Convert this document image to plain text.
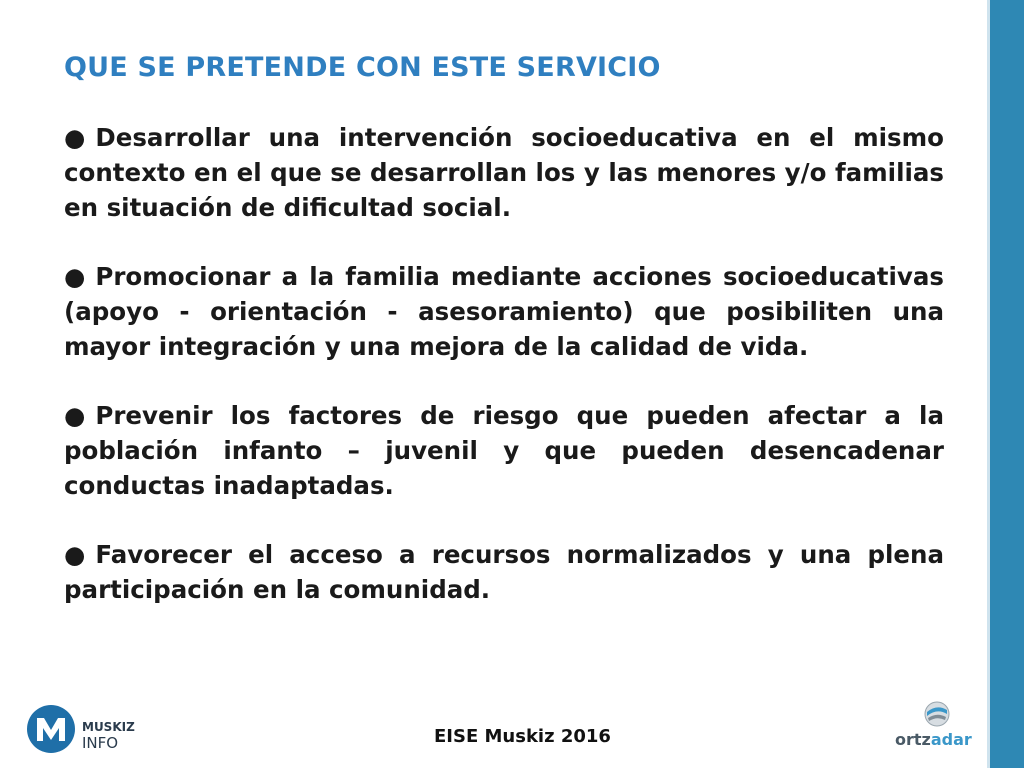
QUE SE PRETENDE CON ESTE SERVICIO

● Desarrollar una intervención socioeducativa en el mismo contexto en el que se desarrollan los y las menores y/o familias en situación de dificultad social.

● Promocionar a la familia mediante acciones socioeducativas (apoyo - orientación - asesoramiento) que posibiliten una mayor integración y una mejora de la calidad de vida.

● Prevenir los factores de riesgo que pueden afectar a la población infanto – juvenil y que pueden desencadenar conductas inadaptadas.

● Favorecer el acceso a recursos normalizados y una plena participación en la comunidad.

MUSKIZ
INFO	EISE Muskiz 2016	ortzadar
